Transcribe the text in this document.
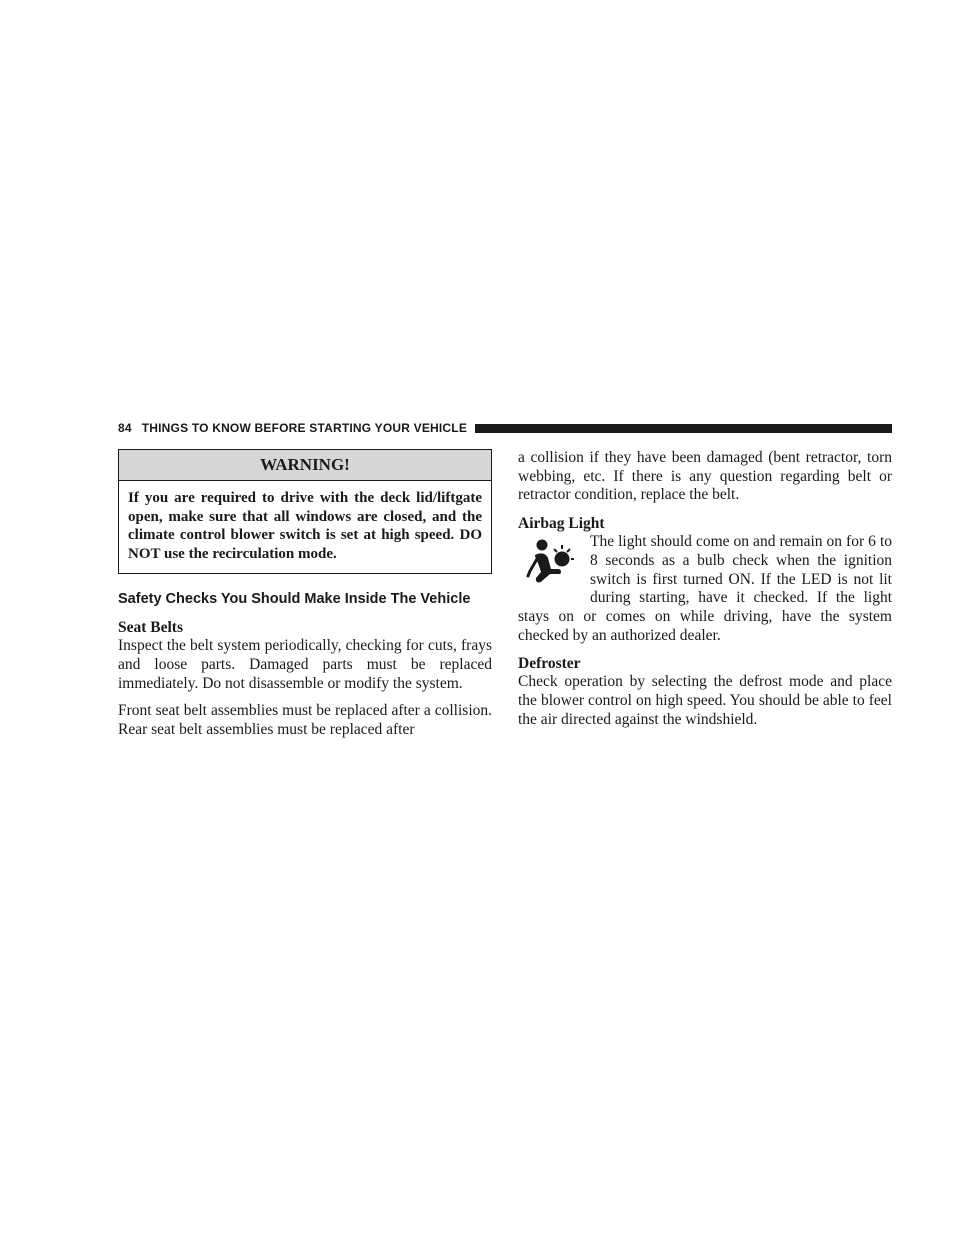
84 THINGS TO KNOW BEFORE STARTING YOUR VEHICLE
WARNING!
If you are required to drive with the deck lid/liftgate open, make sure that all windows are closed, and the climate control blower switch is set at high speed. DO NOT use the recirculation mode.
Safety Checks You Should Make Inside The Vehicle
Seat Belts

Inspect the belt system periodically, checking for cuts, frays and loose parts. Damaged parts must be replaced immediately. Do not disassemble or modify the system.

Front seat belt assemblies must be replaced after a collision. Rear seat belt assemblies must be replaced after

a collision if they have been damaged (bent retractor, torn webbing, etc. If there is any question regarding belt or retractor condition, replace the belt.

Airbag Light

The light should come on and remain on for 6 to 8 seconds as a bulb check when the ignition switch is first turned ON. If the LED is not lit during starting, have it checked. If the light stays on or comes on while driving, have the system checked by an authorized dealer.

Defroster

Check operation by selecting the defrost mode and place the blower control on high speed. You should be able to feel the air directed against the windshield.
